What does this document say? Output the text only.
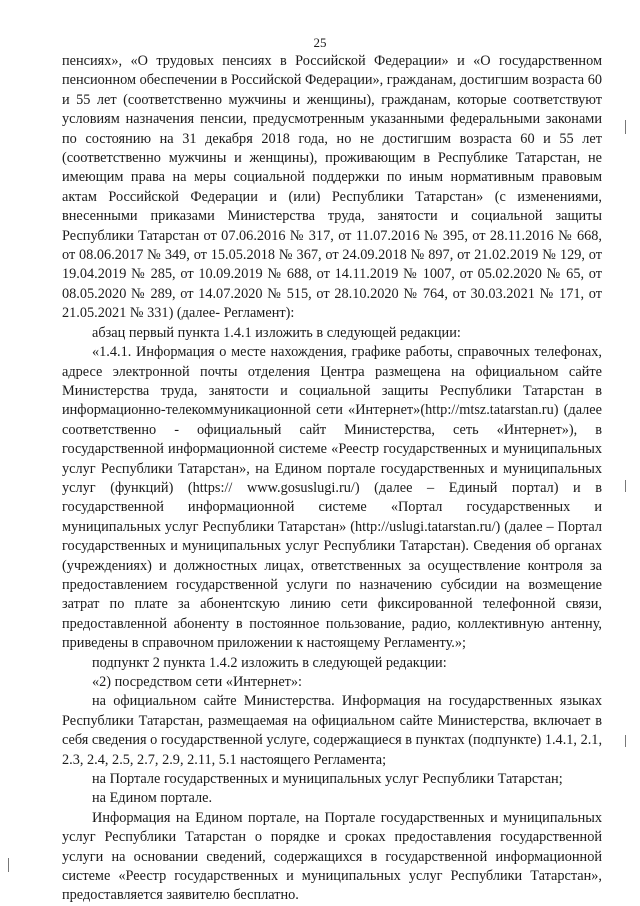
25

пенсиях», «О трудовых пенсиях в Российской Федерации» и «О государственном пенсионном обеспечении в Российской Федерации», гражданам, достигшим возраста 60 и 55 лет (соответственно мужчины и женщины), гражданам, которые соответствуют условиям назначения пенсии, предусмотренным указанными федеральными законами по состоянию на 31 декабря 2018 года, но не достигшим возраста 60 и 55 лет (соответственно мужчины и женщины), проживающим в Республике Татарстан, не имеющим права на меры социальной поддержки по иным нормативным правовым актам Российской Федерации и (или) Республики Татарстан» (с изменениями, внесенными приказами Министерства труда, занятости и социальной защиты Республики Татарстан от 07.06.2016 № 317, от 11.07.2016 № 395, от 28.11.2016 № 668, от 08.06.2017 № 349, от 15.05.2018 № 367, от 24.09.2018 № 897, от 21.02.2019 № 129, от 19.04.2019 № 285, от 10.09.2019 № 688, от 14.11.2019 № 1007, от 05.02.2020 № 65, от 08.05.2020 № 289, от 14.07.2020 № 515, от 28.10.2020 № 764, от 30.03.2021 № 171, от 21.05.2021 № 331) (далее- Регламент):

абзац первый пункта 1.4.1 изложить в следующей редакции:

«1.4.1. Информация о месте нахождения, графике работы, справочных телефонах, адресе электронной почты отделения Центра размещена на официальном сайте Министерства труда, занятости и социальной защиты Республики Татарстан в информационно-телекоммуникационной сети «Интернет»(http://mtsz.tatarstan.ru) (далее соответственно - официальный сайт Министерства, сеть «Интернет»), в государственной информационной системе «Реестр государственных и муниципальных услуг Республики Татарстан», на Едином портале государственных и муниципальных услуг (функций) (https:// www.gosuslugi.ru/) (далее – Единый портал) и в государственной информационной системе «Портал государственных и муниципальных услуг Республики Татарстан» (http://uslugi.tatarstan.ru/) (далее – Портал государственных и муниципальных услуг Республики Татарстан). Сведения об органах (учреждениях) и должностных лицах, ответственных за осуществление контроля за предоставлением государственной услуги по назначению субсидии на возмещение затрат по плате за абонентскую линию сети фиксированной телефонной связи, предоставленной абоненту в постоянное пользование, радио, коллективную антенну, приведены в справочном приложении к настоящему Регламенту.»;

подпункт 2 пункта 1.4.2 изложить в следующей редакции:

«2) посредством сети «Интернет»:

на официальном сайте Министерства. Информация на государственных языках Республики Татарстан, размещаемая на официальном сайте Министерства, включает в себя сведения о государственной услуге, содержащиеся в пунктах (подпункте) 1.4.1, 2.1, 2.3, 2.4, 2.5, 2.7, 2.9, 2.11, 5.1 настоящего Регламента;

на Портале государственных и муниципальных услуг Республики Татарстан;

на Едином портале.

Информация на Едином портале, на Портале государственных и муниципальных услуг Республики Татарстан о порядке и сроках предоставления государственной услуги на основании сведений, содержащихся в государственной информационной системе «Реестр государственных и муниципальных услуг Республики Татарстан», предоставляется заявителю бесплатно.
